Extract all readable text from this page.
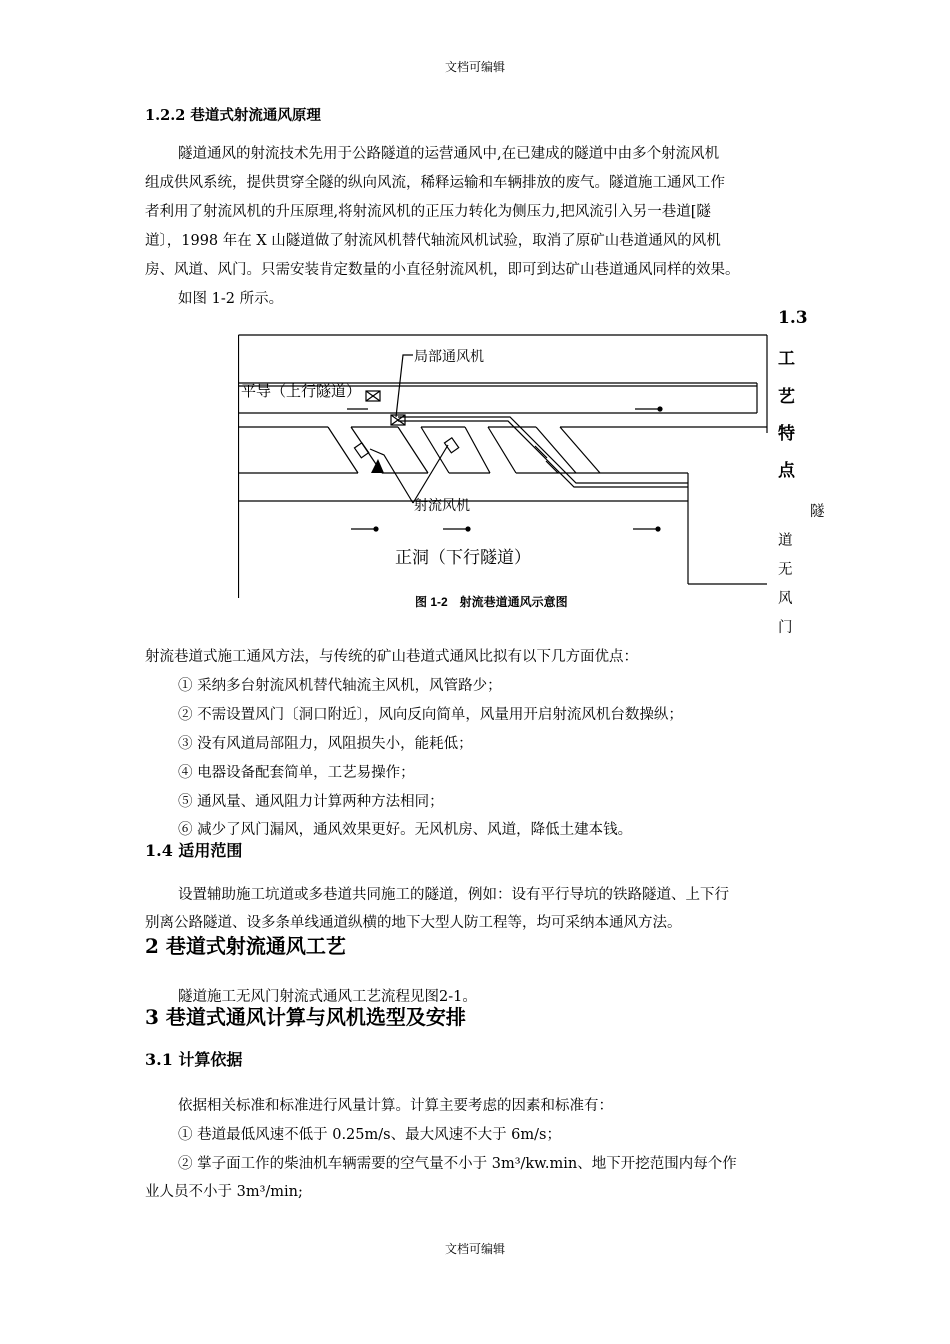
文档可编辑
1.2.2 巷道式射流通风原理
隧道通风的射流技术先用于公路隧道的运营通风中,在已建成的隧道中由多个射流风机
组成供风系统，提供贯穿全隧的纵向风流，稀释运输和车辆排放的废气。隧道施工通风工作
者利用了射流风机的升压原理,将射流风机的正压力转化为侧压力,把风流引入另一巷道[隧
道〕，1998 年在 X 山隧道做了射流风机替代轴流风机试验，取消了原矿山巷道通风的风机
房、风道、风门。只需安装肯定数量的小直径射流风机，即可到达矿山巷道通风同样的效果。
如图 1-2 所示。
局部通风机
平导（上行隧道）
射流风机
正洞（下行隧道）
图 1-2　射流巷道通风示意图
1.3
工
艺
特
点
隧
道
无
风
门
射流巷道式施工通风方法，与传统的矿山巷道式通风比拟有以下几方面优点：
① 采纳多台射流风机替代轴流主风机，风管路少；
② 不需设置风门〔洞口附近〕，风向反向简单，风量用开启射流风机台数操纵；
③ 没有风道局部阻力，风阻损失小，能耗低；
④ 电器设备配套简单，工艺易操作；
⑤ 通风量、通风阻力计算两种方法相同；
⑥ 减少了风门漏风，通风效果更好。无风机房、风道，降低土建本钱。
1.4 适用范围
设置辅助施工坑道或多巷道共同施工的隧道，例如：设有平行导坑的铁路隧道、上下行
别离公路隧道、设多条单线通道纵横的地下大型人防工程等，均可采纳本通风方法。
2 巷道式射流通风工艺
隧道施工无风门射流式通风工艺流程见图2-1。
3 巷道式通风计算与风机选型及安排
3.1 计算依据
依据相关标准和标准进行风量计算。计算主要考虑的因素和标准有：
① 巷道最低风速不低于 0.25m/s、最大风速不大于 6m/s；
② 掌子面工作的柴油机车辆需要的空气量不小于 3m³/kw.min、地下开挖范围内每个作
业人员不小于 3m³/min;
文档可编辑
